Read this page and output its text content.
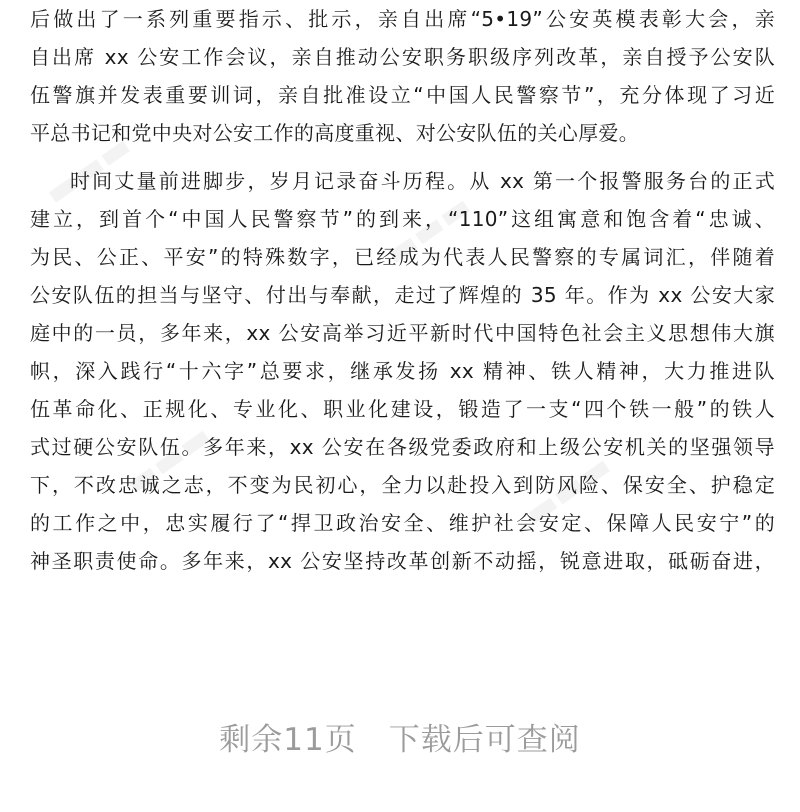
后做出了一系列重要指示、批示，亲自出席“5•19”公安英模表彰大会，亲
自出席 xx 公安工作会议，亲自推动公安职务职级序列改革，亲自授予公安队
伍警旗并发表重要训词，亲自批准设立“中国人民警察节”，充分体现了习近
平总书记和党中央对公安工作的高度重视、对公安队伍的关心厚爱。
时间丈量前进脚步，岁月记录奋斗历程。从 xx 第一个报警服务台的正式
建立，到首个“中国人民警察节”的到来，“110”这组寓意和饱含着“忠诚、
为民、公正、平安”的特殊数字，已经成为代表人民警察的专属词汇，伴随着
公安队伍的担当与坚守、付出与奉献，走过了辉煌的 35 年。作为 xx 公安大家
庭中的一员，多年来，xx 公安高举习近平新时代中国特色社会主义思想伟大旗
帜，深入践行“十六字”总要求，继承发扬 xx 精神、铁人精神，大力推进队
伍革命化、正规化、专业化、职业化建设，锻造了一支“四个铁一般”的铁人
式过硬公安队伍。多年来，xx 公安在各级党委政府和上级公安机关的坚强领导
下，不改忠诚之志，不变为民初心，全力以赴投入到防风险、保安全、护稳定
的工作之中，忠实履行了“捍卫政治安全、维护社会安定、保障人民安宁”的
神圣职责使命。多年来，xx 公安坚持改革创新不动摇，锐意进取，砥砺奋进，
剩余11页 下载后可查阅
